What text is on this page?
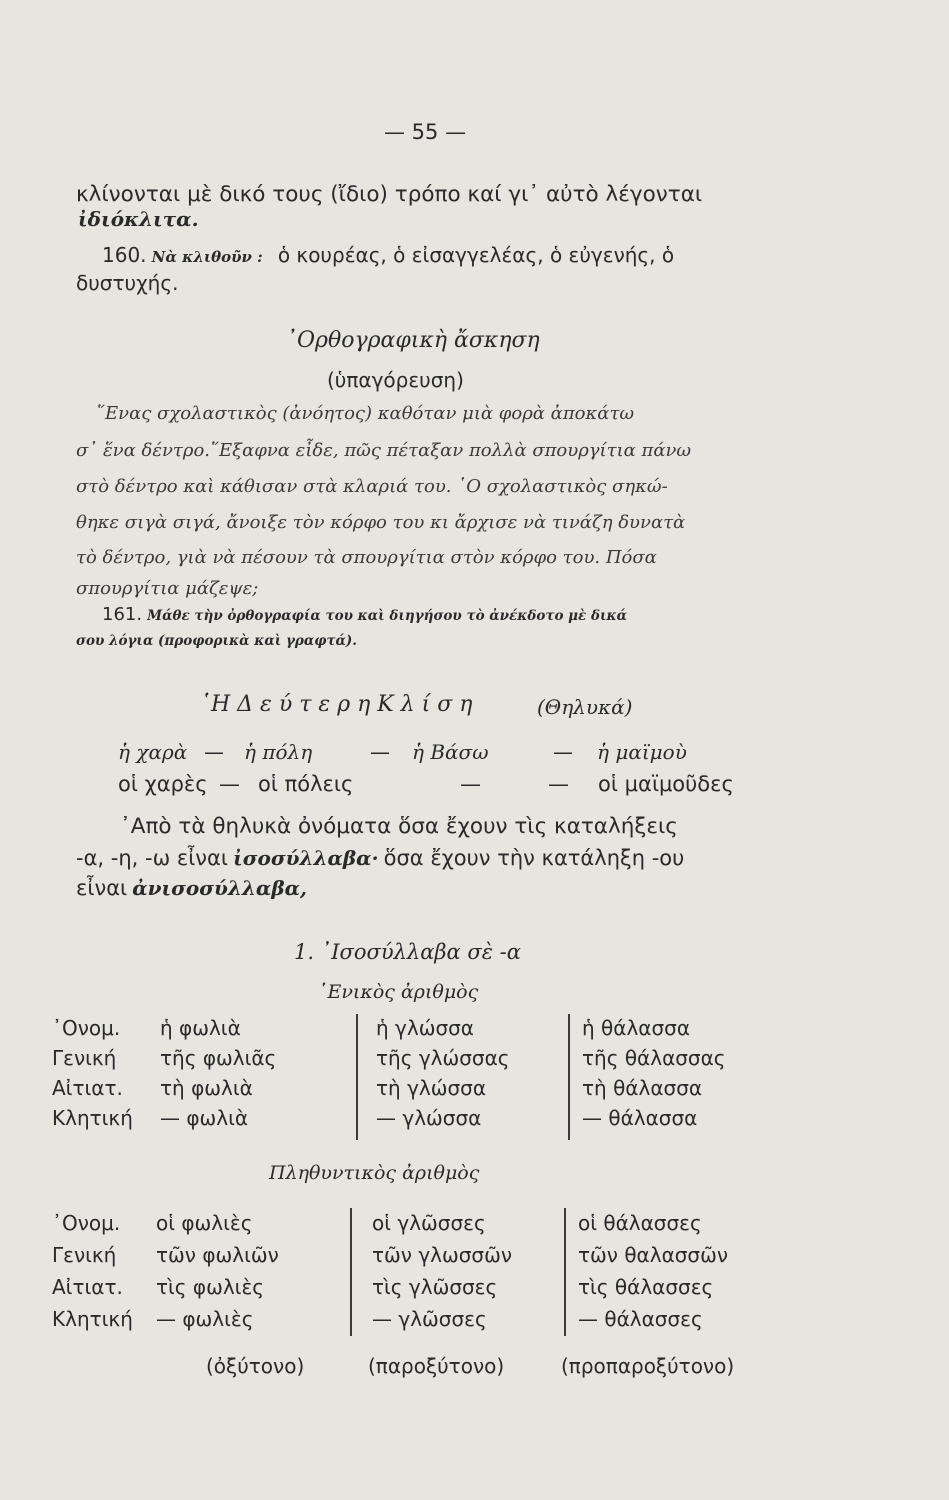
— 55 —
κλίνονται μὲ δικό τους (ἴδιο) τρόπο καί γι᾿ αὐτὸ λέγονται
ἰδιόκλιτα.
160. Νὰ κλιθοῦν : ὁ κουρέας, ὁ εἰσαγγελέας, ὁ εὐγενής, ὁ
δυστυχής.
᾿Ορθογραφικὴ ἄσκηση
(ὑπαγόρευση)
῞Ενας σχολαστικὸς (ἀνόητος) καθόταν μιὰ φορὰ ἀποκάτω
σ᾿ ἕνα δέντρο.῞Εξαφνα εἶδε, πῶς πέταξαν πολλὰ σπουργίτια πάνω
στὸ δέντρο καὶ κάθισαν στὰ κλαριά του. ῾Ο σχολαστικὸς σηκώ-
θηκε σιγὰ σιγά, ἄνοιξε τὸν κόρφο του κι ἄρχισε νὰ τινάζη δυνατὰ
τὸ δέντρο, γιὰ νὰ πέσουν τὰ σπουργίτια στὸν κόρφο του. Πόσα
σπουργίτια μάζεψε;
161. Μάθε τὴν ὀρθογραφία του καὶ διηγήσου τὸ ἀνέκδοτο μὲ δικά
σου λόγια (προφορικὰ καὶ γραφτά).
῾Η Δ ε ύ τ ε ρ η Κ λ ί σ η	(Θηλυκά)
ἡ χαρὰ — ἡ πόλη	— ἡ Βάσω	— ἡ μαϊμοὺ
οἱ χαρὲς — οἱ πόλεις	—	— οἱ μαϊμοῦδες
᾿Απὸ τὰ θηλυκὰ ὀνόματα ὅσα ἔχουν τὶς καταλήξεις
-α, -η, -ω εἶναι ἰσοσύλλαβα· ὅσα ἔχουν τὴν κατάληξη -ου
εἶναι ἀνισοσύλλαβα,
1. ᾿Ισοσύλλαβα σὲ -α
῾Ενικὸς ἀριθμὸς
᾿Ονομ. ἡ φωλιὰ	ἡ γλώσσα	ἡ θάλασσα
Γενική τῆς φωλιᾶς	τῆς γλώσσας	τῆς θάλασσας
Αἰτιατ. τὴ φωλιὰ	τὴ γλώσσα	τὴ θάλασσα
Κλητική — φωλιὰ	— γλώσσα	— θάλασσα
Πληθυντικὸς ἀριθμὸς
᾿Ονομ. οἱ φωλιὲς	οἱ γλῶσσες	οἱ θάλασσες
Γενική τῶν φωλιῶν	τῶν γλωσσῶν	τῶν θαλασσῶν
Αἰτιατ. τὶς φωλιὲς	τὶς γλῶσσες	τὶς θάλασσες
Κλητική — φωλιὲς	— γλῶσσες	— θάλασσες
(ὀξύτονο)	(παροξύτονο)	(προπαροξύτονο)
